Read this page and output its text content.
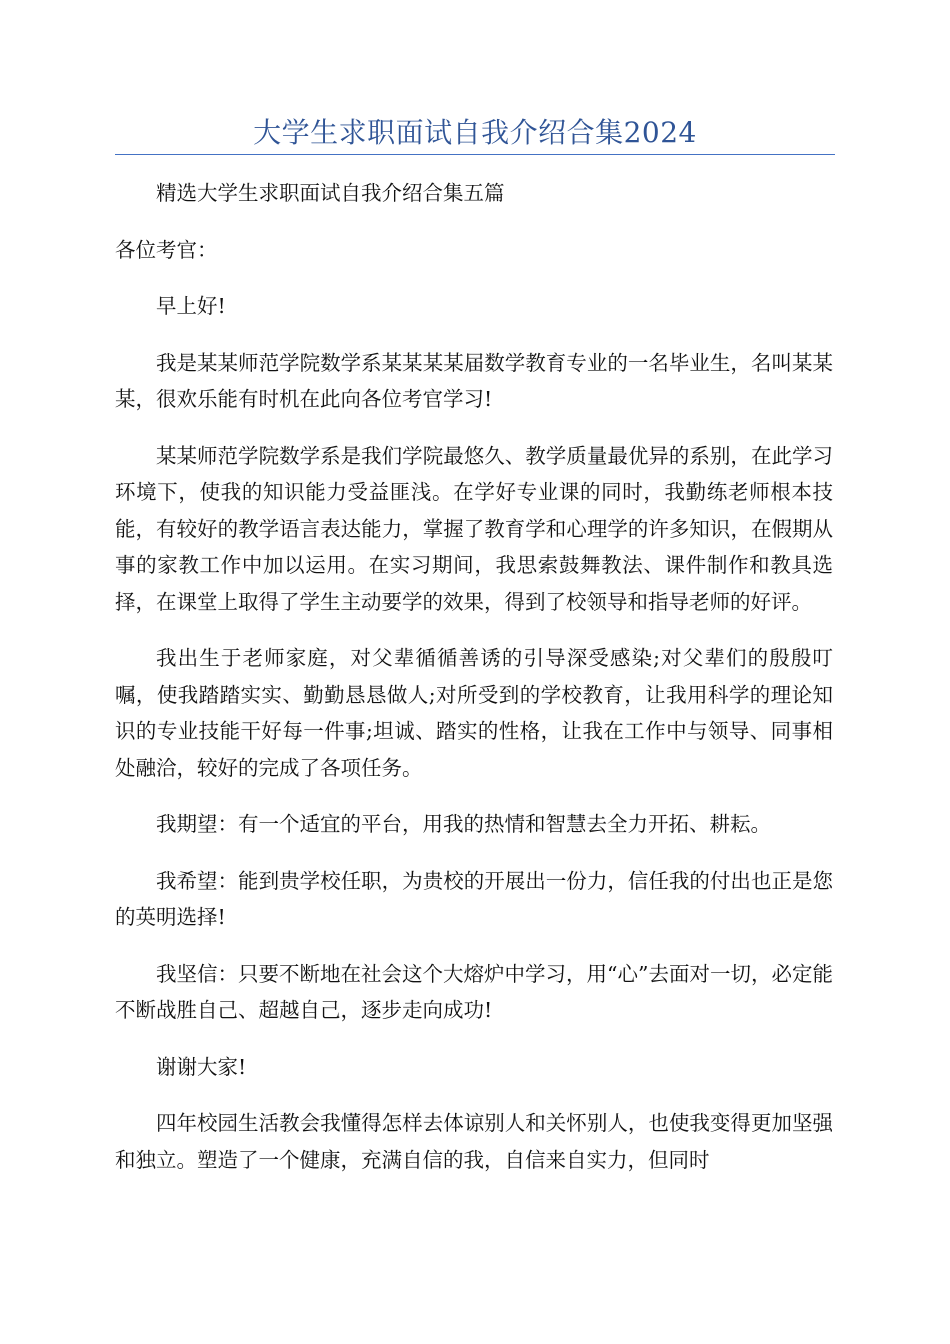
大学生求职面试自我介绍合集2024

精选大学生求职面试自我介绍合集五篇

各位考官：

早上好!

我是某某师范学院数学系某某某某届数学教育专业的一名毕业生，名叫某某某，很欢乐能有时机在此向各位考官学习!

某某师范学院数学系是我们学院最悠久、教学质量最优异的系别，在此学习环境下，使我的知识能力受益匪浅。在学好专业课的同时，我勤练老师根本技能，有较好的教学语言表达能力，掌握了教育学和心理学的许多知识，在假期从事的家教工作中加以运用。在实习期间，我思索鼓舞教法、课件制作和教具选择，在课堂上取得了学生主动要学的效果，得到了校领导和指导老师的好评。

我出生于老师家庭，对父辈循循善诱的引导深受感染;对父辈们的殷殷叮嘱，使我踏踏实实、勤勤恳恳做人;对所受到的学校教育，让我用科学的理论知识的专业技能干好每一件事;坦诚、踏实的性格，让我在工作中与领导、同事相处融洽，较好的完成了各项任务。

我期望：有一个适宜的平台，用我的热情和智慧去全力开拓、耕耘。

我希望：能到贵学校任职，为贵校的开展出一份力，信任我的付出也正是您的英明选择!

我坚信：只要不断地在社会这个大熔炉中学习，用“心”去面对一切，必定能不断战胜自己、超越自己，逐步走向成功!

谢谢大家!

四年校园生活教会我懂得怎样去体谅别人和关怀别人，也使我变得更加坚强和独立。塑造了一个健康，充满自信的我，自信来自实力，但同时
